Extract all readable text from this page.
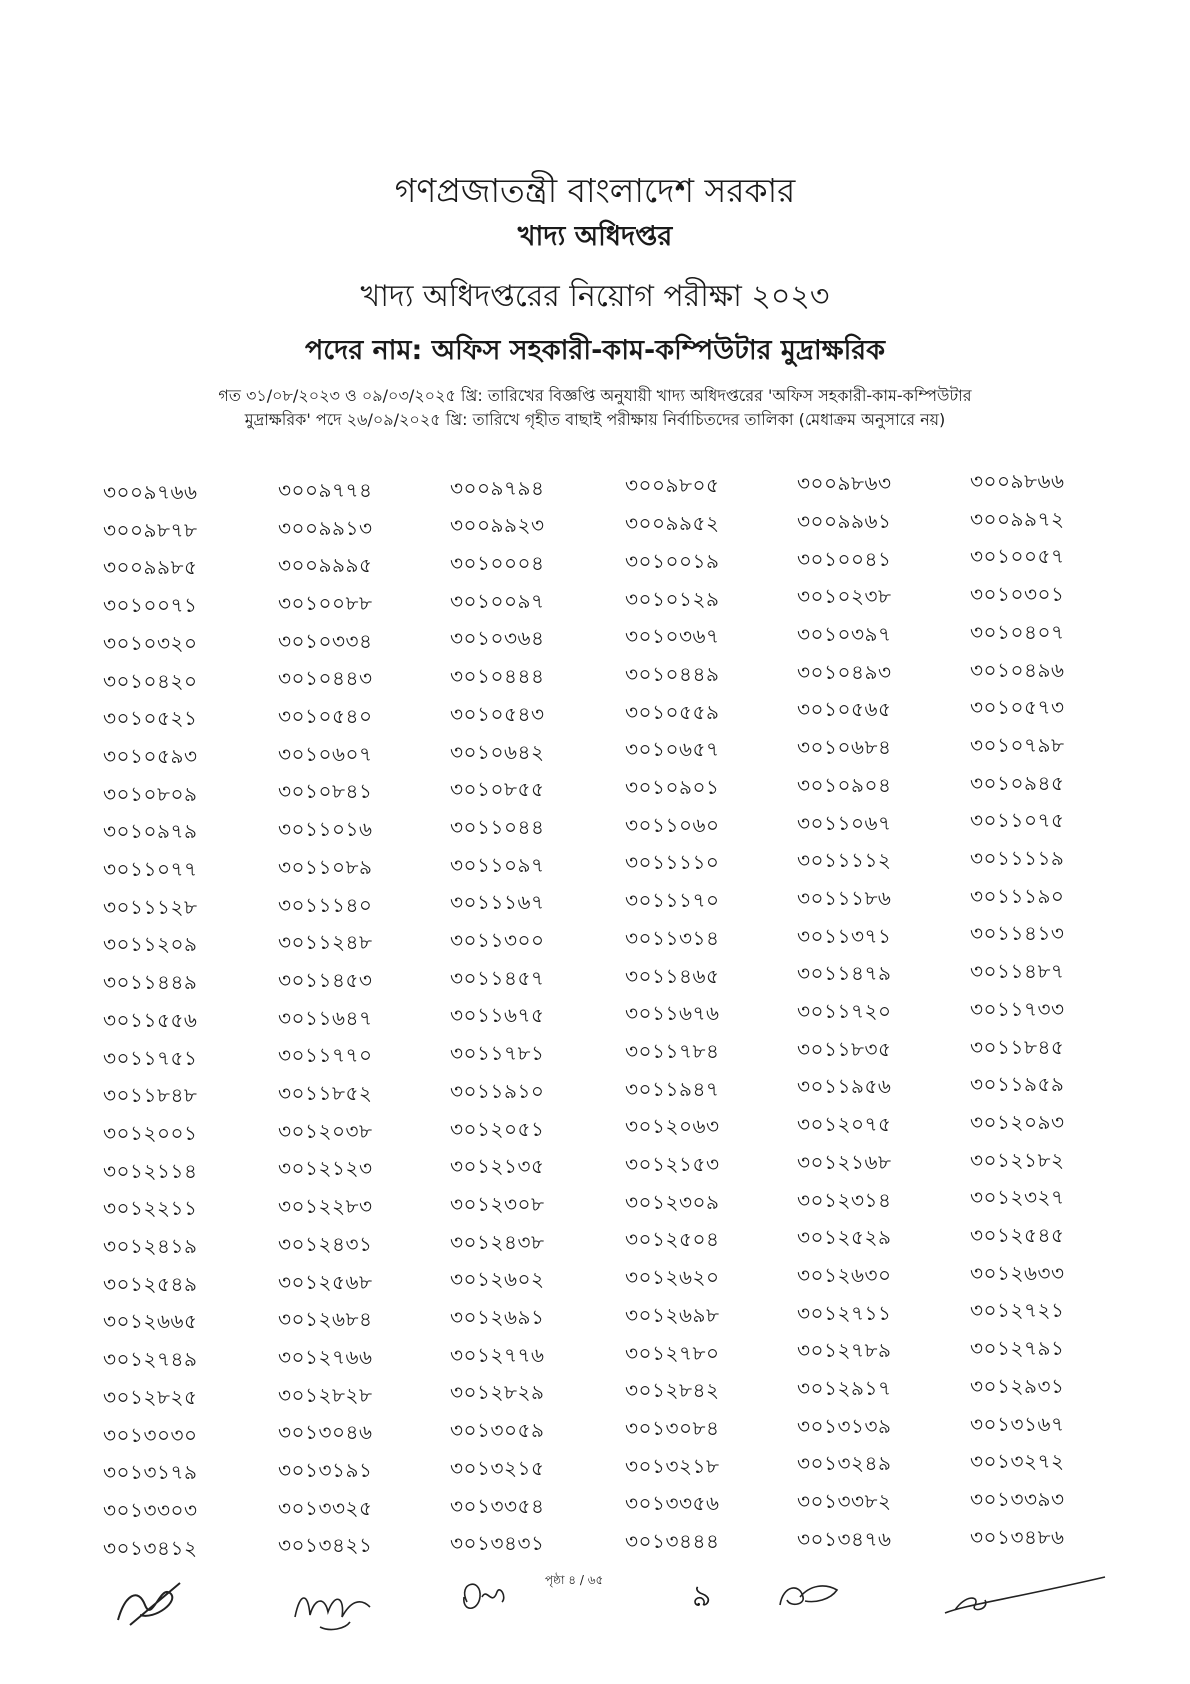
গণপ্রজাতন্ত্রী বাংলাদেশ সরকার
খাদ্য অধিদপ্তর
খাদ্য অধিদপ্তরের নিয়োগ পরীক্ষা ২০২৩
পদের নাম: অফিস সহকারী-কাম-কম্পিউটার মুদ্রাক্ষরিক
গত ৩১/০৮/২০২৩ ও ০৯/০৩/২০২৫ খ্রি: তারিখের বিজ্ঞপ্তি অনুযায়ী খাদ্য অধিদপ্তরের 'অফিস সহকারী-কাম-কম্পিউটার
মুদ্রাক্ষরিক' পদে ২৬/০৯/২০২৫ খ্রি: তারিখে গৃহীত বাছাই পরীক্ষায় নির্বাচিতদের তালিকা (মেধাক্রম অনুসারে নয়)
৩০০৯৭৬৬	৩০০৯৭৭৪	৩০০৯৭৯৪	৩০০৯৮০৫	৩০০৯৮৬৩	৩০০৯৮৬৬
৩০০৯৮৭৮	৩০০৯৯১৩	৩০০৯৯২৩	৩০০৯৯৫২	৩০০৯৯৬১	৩০০৯৯৭২
৩০০৯৯৮৫	৩০০৯৯৯৫	৩০১০০০৪	৩০১০০১৯	৩০১০০৪১	৩০১০০৫৭
৩০১০০৭১	৩০১০০৮৮	৩০১০০৯৭	৩০১০১২৯	৩০১০২৩৮	৩০১০৩০১
৩০১০৩২০	৩০১০৩৩৪	৩০১০৩৬৪	৩০১০৩৬৭	৩০১০৩৯৭	৩০১০৪০৭
৩০১০৪২০	৩০১০৪৪৩	৩০১০৪৪৪	৩০১০৪৪৯	৩০১০৪৯৩	৩০১০৪৯৬
৩০১০৫২১	৩০১০৫৪০	৩০১০৫৪৩	৩০১০৫৫৯	৩০১০৫৬৫	৩০১০৫৭৩
৩০১০৫৯৩	৩০১০৬০৭	৩০১০৬৪২	৩০১০৬৫৭	৩০১০৬৮৪	৩০১০৭৯৮
৩০১০৮০৯	৩০১০৮৪১	৩০১০৮৫৫	৩০১০৯০১	৩০১০৯০৪	৩০১০৯৪৫
৩০১০৯৭৯	৩০১১০১৬	৩০১১০৪৪	৩০১১০৬০	৩০১১০৬৭	৩০১১০৭৫
৩০১১০৭৭	৩০১১০৮৯	৩০১১০৯৭	৩০১১১১০	৩০১১১১২	৩০১১১১৯
৩০১১১২৮	৩০১১১৪০	৩০১১১৬৭	৩০১১১৭০	৩০১১১৮৬	৩০১১১৯০
৩০১১২০৯	৩০১১২৪৮	৩০১১৩০০	৩০১১৩১৪	৩০১১৩৭১	৩০১১৪১৩
৩০১১৪৪৯	৩০১১৪৫৩	৩০১১৪৫৭	৩০১১৪৬৫	৩০১১৪৭৯	৩০১১৪৮৭
৩০১১৫৫৬	৩০১১৬৪৭	৩০১১৬৭৫	৩০১১৬৭৬	৩০১১৭২০	৩০১১৭৩৩
৩০১১৭৫১	৩০১১৭৭০	৩০১১৭৮১	৩০১১৭৮৪	৩০১১৮৩৫	৩০১১৮৪৫
৩০১১৮৪৮	৩০১১৮৫২	৩০১১৯১০	৩০১১৯৪৭	৩০১১৯৫৬	৩০১১৯৫৯
৩০১২০০১	৩০১২০৩৮	৩০১২০৫১	৩০১২০৬৩	৩০১২০৭৫	৩০১২০৯৩
৩০১২১১৪	৩০১২১২৩	৩০১২১৩৫	৩০১২১৫৩	৩০১২১৬৮	৩০১২১৮২
৩০১২২১১	৩০১২২৮৩	৩০১২৩০৮	৩০১২৩০৯	৩০১২৩১৪	৩০১২৩২৭
৩০১২৪১৯	৩০১২৪৩১	৩০১২৪৩৮	৩০১২৫০৪	৩০১২৫২৯	৩০১২৫৪৫
৩০১২৫৪৯	৩০১২৫৬৮	৩০১২৬০২	৩০১২৬২০	৩০১২৬৩০	৩০১২৬৩৩
৩০১২৬৬৫	৩০১২৬৮৪	৩০১২৬৯১	৩০১২৬৯৮	৩০১২৭১১	৩০১২৭২১
৩০১২৭৪৯	৩০১২৭৬৬	৩০১২৭৭৬	৩০১২৭৮০	৩০১২৭৮৯	৩০১২৭৯১
৩০১২৮২৫	৩০১২৮২৮	৩০১২৮২৯	৩০১২৮৪২	৩০১২৯১৭	৩০১২৯৩১
৩০১৩০৩০	৩০১৩০৪৬	৩০১৩০৫৯	৩০১৩০৮৪	৩০১৩১৩৯	৩০১৩১৬৭
৩০১৩১৭৯	৩০১৩১৯১	৩০১৩২১৫	৩০১৩২১৮	৩০১৩২৪৯	৩০১৩২৭২
৩০১৩৩০৩	৩০১৩৩২৫	৩০১৩৩৫৪	৩০১৩৩৫৬	৩০১৩৩৮২	৩০১৩৩৯৩
৩০১৩৪১২	৩০১৩৪২১	৩০১৩৪৩১	৩০১৩৪৪৪	৩০১৩৪৭৬	৩০১৩৪৮৬
পৃষ্ঠা ৪ / ৬৫	৯
